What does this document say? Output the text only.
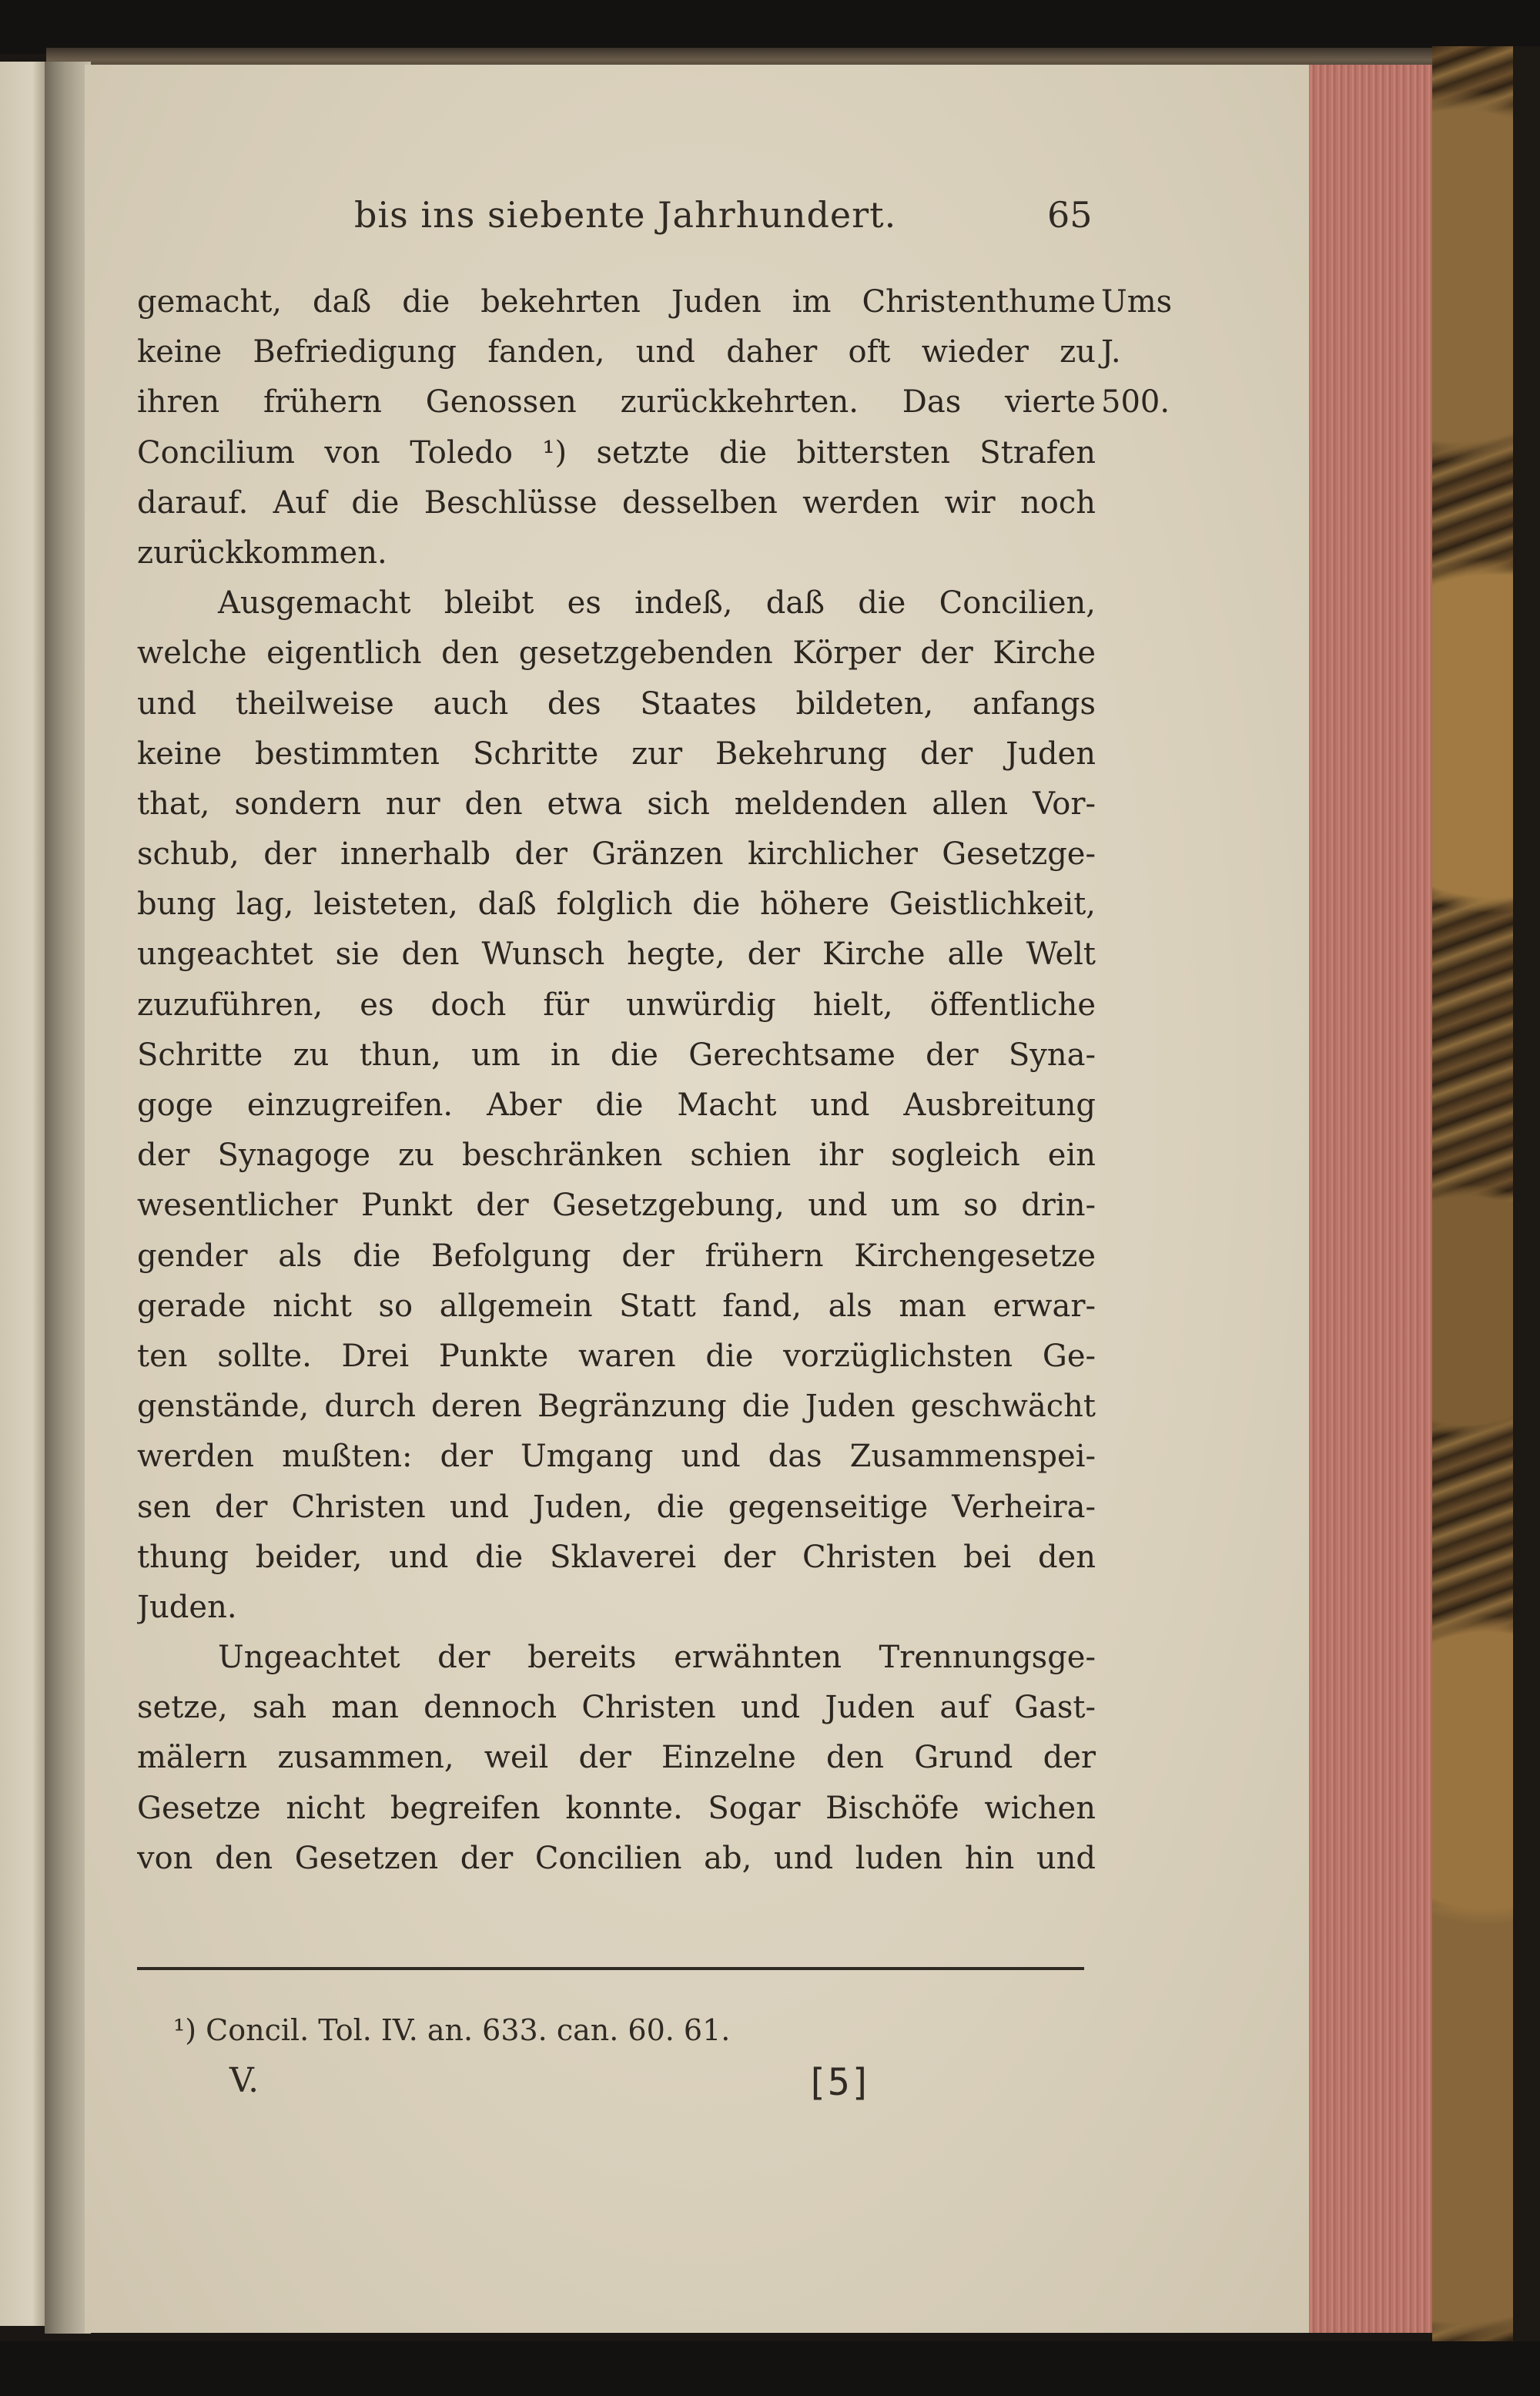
bis ins siebente Jahrhundert.	65
Ums
J.
500.
gemacht, daß die bekehrten Juden im Christenthume
keine Befriedigung fanden, und daher oft wieder zu
ihren frühern Genossen zurückkehrten. Das vierte
Concilium von Toledo ¹) setzte die bittersten Strafen
darauf. Auf die Beschlüsse desselben werden wir noch
zurückkommen.
Ausgemacht bleibt es indeß, daß die Concilien,
welche eigentlich den gesetzgebenden Körper der Kirche
und theilweise auch des Staates bildeten, anfangs
keine bestimmten Schritte zur Bekehrung der Juden
that, sondern nur den etwa sich meldenden allen Vor-
schub, der innerhalb der Gränzen kirchlicher Gesetzge-
bung lag, leisteten, daß folglich die höhere Geistlichkeit,
ungeachtet sie den Wunsch hegte, der Kirche alle Welt
zuzuführen, es doch für unwürdig hielt, öffentliche
Schritte zu thun, um in die Gerechtsame der Syna-
goge einzugreifen. Aber die Macht und Ausbreitung
der Synagoge zu beschränken schien ihr sogleich ein
wesentlicher Punkt der Gesetzgebung, und um so drin-
gender als die Befolgung der frühern Kirchengesetze
gerade nicht so allgemein Statt fand, als man erwar-
ten sollte. Drei Punkte waren die vorzüglichsten Ge-
genstände, durch deren Begränzung die Juden geschwächt
werden mußten: der Umgang und das Zusammenspei-
sen der Christen und Juden, die gegenseitige Verheira-
thung beider, und die Sklaverei der Christen bei den
Juden.
Ungeachtet der bereits erwähnten Trennungsge-
setze, sah man dennoch Christen und Juden auf Gast-
mälern zusammen, weil der Einzelne den Grund der
Gesetze nicht begreifen konnte. Sogar Bischöfe wichen
von den Gesetzen der Concilien ab, und luden hin und
¹) Concil. Tol. IV. an. 633. can. 60. 61.
V.	[5]
